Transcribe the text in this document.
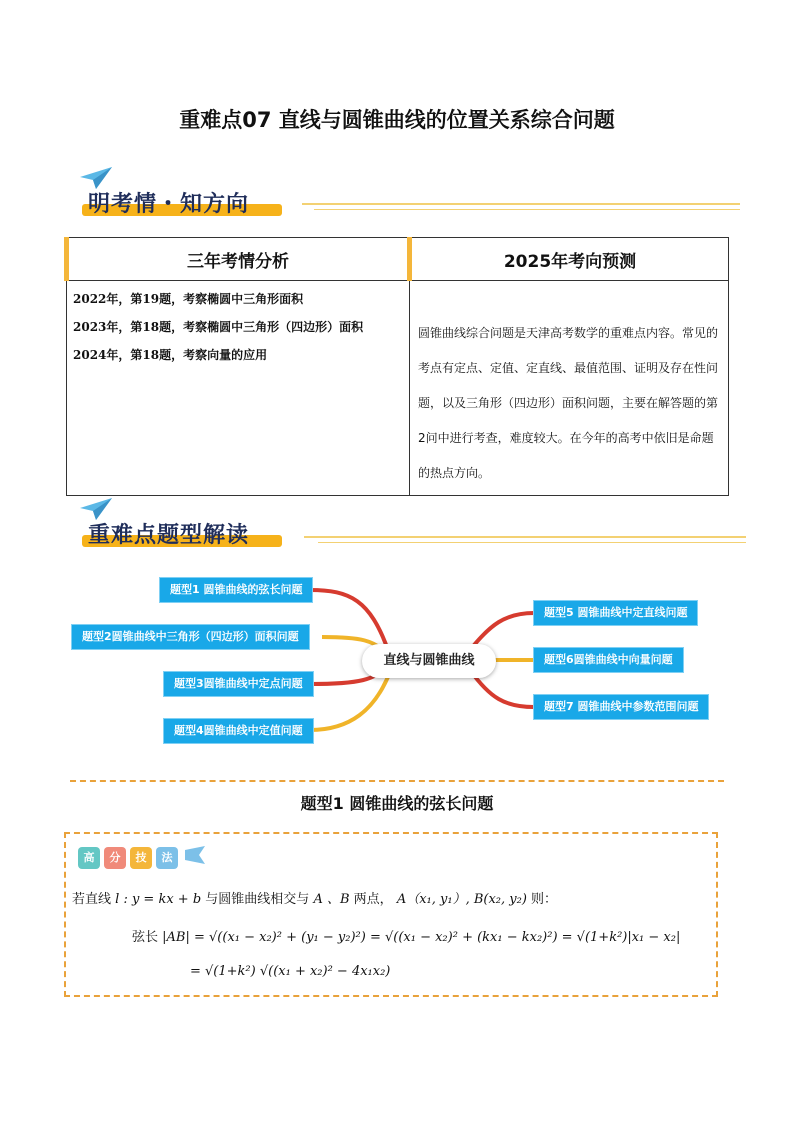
重难点07 直线与圆锥曲线的位置关系综合问题
明考情・知方向
三年考情分析	2025年考向预测

2022年，第19题，考察椭圆中三角形面积

2023年，第18题，考察椭圆中三角形（四边形）面积

2024年，第18题，考察向量的应用	圆锥曲线综合问题是天津高考数学的重难点内容。常见的考点有定点、定值、定直线、最值范围、证明及存在性问题，以及三角形（四边形）面积问题，主要在解答题的第2问中进行考查，难度较大。在今年的高考中依旧是命题的热点方向。
重难点题型解读
题型1 圆锥曲线的弦长问题
题型2圆锥曲线中三角形（四边形）面积问题
题型3圆锥曲线中定点问题
题型4圆锥曲线中定值问题
题型5 圆锥曲线中定直线问题
题型6圆锥曲线中向量问题
题型7 圆锥曲线中参数范围问题
直线与圆锥曲线
题型1 圆锥曲线的弦长问题
高 分 技 法
若直线 l : y = kx + b 与圆锥曲线相交与 A 、B 两点， A（x₁, y₁）, B(x₂, y₂) 则：
弦长 |AB| = √((x₁ − x₂)² + (y₁ − y₂)²) = √((x₁ − x₂)² + (kx₁ − kx₂)²) = √(1+k²)|x₁ − x₂|
= √(1+k²) √((x₁ + x₂)² − 4x₁x₂)
